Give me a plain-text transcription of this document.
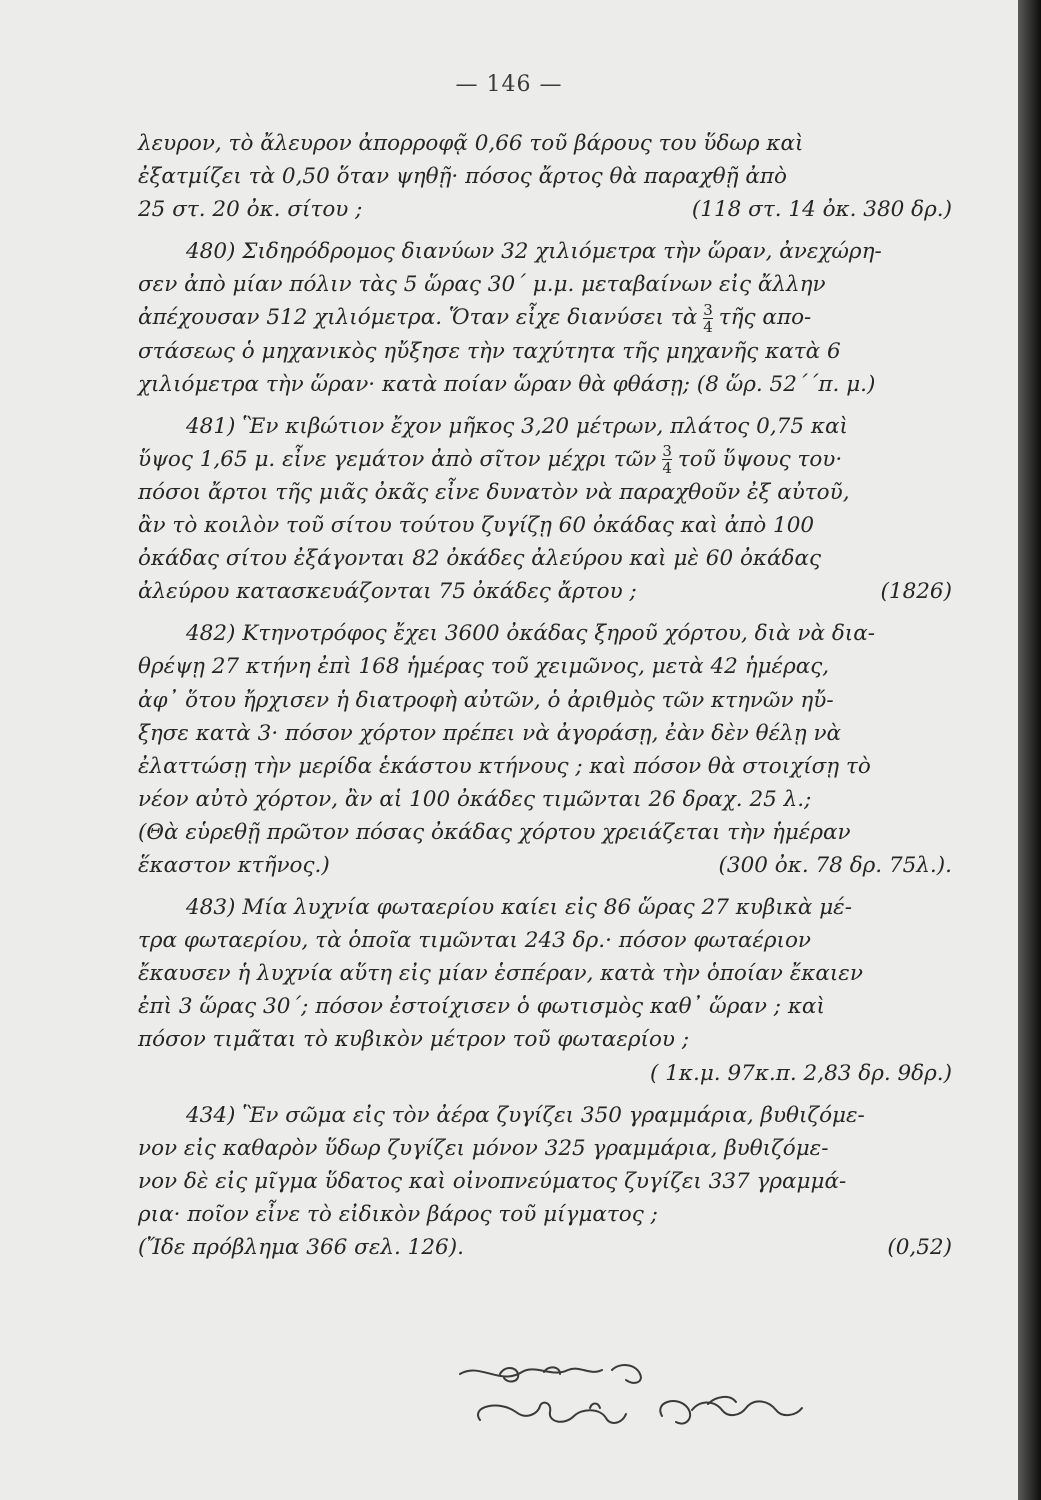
— 146 —
λευρον, τὸ ἄλευρον ἀπορροφᾷ 0,66 τοῦ βάρους του ὕδωρ καὶ
ἐξατμίζει τὰ 0,50 ὅταν ψηθῇ· πόσος ἄρτος θὰ παραχθῇ ἀπὸ
25 στ. 20 ὀκ. σίτου ;	(118 στ. 14 ὀκ. 380 δρ.)
480) Σιδηρόδρομος διανύων 32 χιλιόμετρα τὴν ὥραν, ἀνεχώρη-
σεν ἀπὸ μίαν πόλιν τὰς 5 ὥρας 30΄ μ.μ. μεταβαίνων εἰς ἄλλην
ἀπέχουσαν 512 χιλιόμετρα. Ὅταν εἶχε διανύσει τὰ $\frac{3}{4}$ τῆς απο-
στάσεως ὁ μηχανικὸς ηὔξησε τὴν ταχύτητα τῆς μηχανῆς κατὰ 6
χιλιόμετρα τὴν ὥραν· κατὰ ποίαν ὥραν θὰ φθάσῃ; (8 ὥρ. 52΄΄π. μ.)
481) Ἓν κιβώτιον ἔχον μῆκος 3,20 μέτρων, πλάτος 0,75 καὶ
ὕψος 1,65 μ. εἶνε γεμάτον ἀπὸ σῖτον μέχρι τῶν $\frac{3}{4}$ τοῦ ὕψους του·
πόσοι ἄρτοι τῆς μιᾶς ὀκᾶς εἶνε δυνατὸν νὰ παραχθοῦν ἐξ αὐτοῦ,
ἂν τὸ κοιλὸν τοῦ σίτου τούτου ζυγίζῃ 60 ὀκάδας καὶ ἀπὸ 100
ὀκάδας σίτου ἐξάγονται 82 ὀκάδες ἀλεύρου καὶ μὲ 60 ὀκάδας
ἀλεύρου κατασκευάζονται 75 ὀκάδες ἄρτου ;	(1826)
482) Κτηνοτρόφος ἔχει 3600 ὀκάδας ξηροῦ χόρτου, διὰ νὰ δια-
θρέψῃ 27 κτήνη ἐπὶ 168 ἡμέρας τοῦ χειμῶνος, μετὰ 42 ἡμέρας,
ἀφ᾽ ὅτου ἤρχισεν ἡ διατροφὴ αὐτῶν, ὁ ἀριθμὸς τῶν κτηνῶν ηὔ-
ξησε κατὰ 3· πόσον χόρτον πρέπει νὰ ἀγοράσῃ, ἐὰν δὲν θέλῃ νὰ
ἐλαττώσῃ τὴν μερίδα ἑκάστου κτήνους ; καὶ πόσον θὰ στοιχίσῃ τὸ
νέον αὐτὸ χόρτον, ἂν αἱ 100 ὀκάδες τιμῶνται 26 δραχ. 25 λ.;
(Θὰ εὑρεθῇ πρῶτον πόσας ὀκάδας χόρτου χρειάζεται τὴν ἡμέραν
ἕκαστον κτῆνος.)	(300 ὀκ. 78 δρ. 75λ.).
483) Μία λυχνία φωταερίου καίει εἰς 86 ὥρας 27 κυβικὰ μέ-
τρα φωταερίου, τὰ ὁποῖα τιμῶνται 243 δρ.· πόσον φωταέριον
ἔκαυσεν ἡ λυχνία αὕτη εἰς μίαν ἑσπέραν, κατὰ τὴν ὁποίαν ἔκαιεν
ἐπὶ 3 ὥρας 30΄; πόσον ἐστοίχισεν ὁ φωτισμὸς καθ᾽ ὥραν ; καὶ
πόσον τιμᾶται τὸ κυβικὸν μέτρον τοῦ φωταερίου ;
( 1κ.μ. 97κ.π. 2,83 δρ. 9δρ.)
434) Ἓν σῶμα εἰς τὸν ἀέρα ζυγίζει 350 γραμμάρια, βυθιζόμε-
νον εἰς καθαρὸν ὕδωρ ζυγίζει μόνον 325 γραμμάρια, βυθιζόμε-
νον δὲ εἰς μῖγμα ὕδατος καὶ οἰνοπνεύματος ζυγίζει 337 γραμμά-
ρια· ποῖον εἶνε τὸ εἰδικὸν βάρος τοῦ μίγματος ;
(Ἴδε πρόβλημα 366 σελ. 126).	(0,52)
